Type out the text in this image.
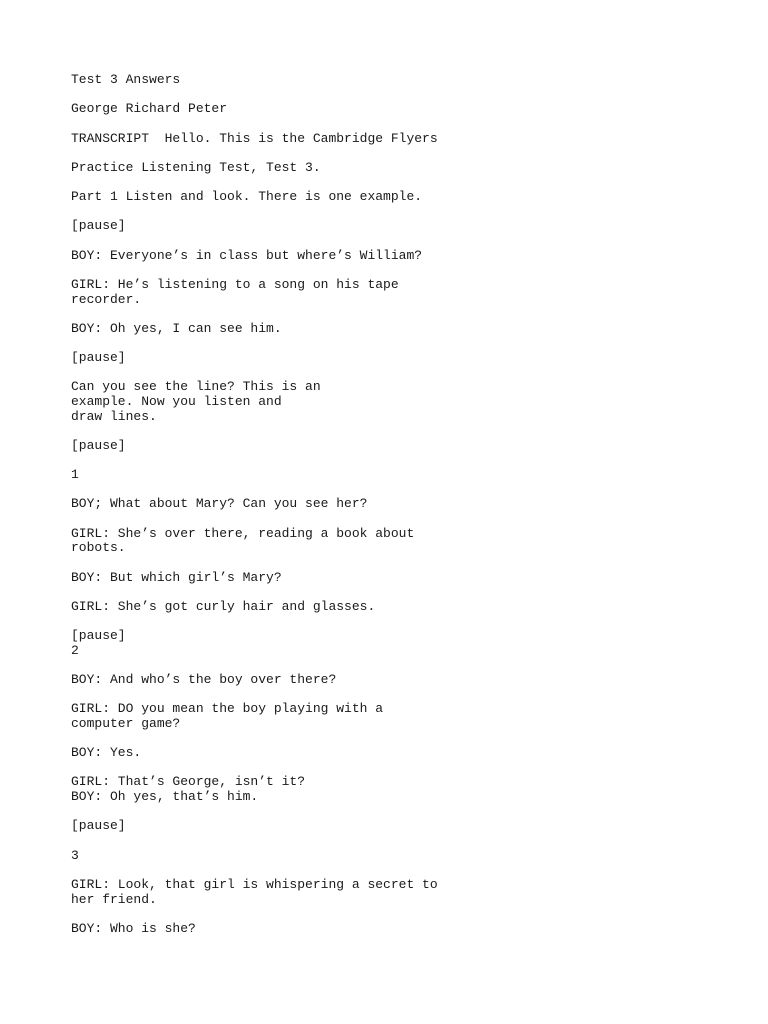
Test 3 Answers

George Richard Peter

TRANSCRIPT  Hello. This is the Cambridge Flyers

Practice Listening Test, Test 3.

Part 1 Listen and look. There is one example.

[pause]

BOY: Everyone’s in class but where’s William?

GIRL: He’s listening to a song on his tape
recorder.

BOY: Oh yes, I can see him.

[pause]

Can you see the line? This is an
example. Now you listen and
draw lines.

[pause]

1

BOY; What about Mary? Can you see her?

GIRL: She’s over there, reading a book about
robots.

BOY: But which girl’s Mary?

GIRL: She’s got curly hair and glasses.

[pause]
2

BOY: And who’s the boy over there?

GIRL: DO you mean the boy playing with a
computer game?

BOY: Yes.

GIRL: That’s George, isn’t it?
BOY: Oh yes, that’s him.

[pause]

3

GIRL: Look, that girl is whispering a secret to
her friend.

BOY: Who is she?
